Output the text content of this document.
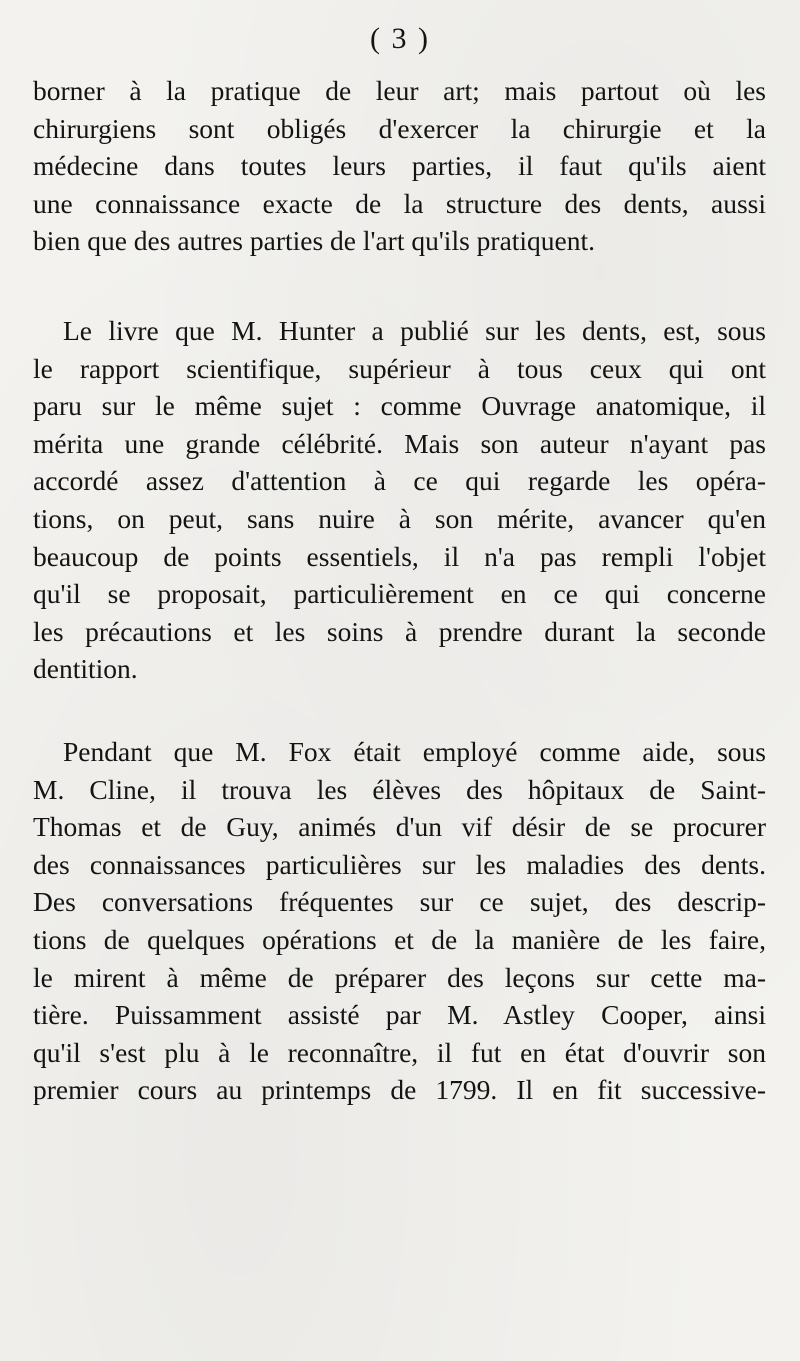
( 3 )
borner à la pratique de leur art; mais partout où les
chirurgiens sont obligés d'exercer la chirurgie et la
médecine dans toutes leurs parties, il faut qu'ils aient
une connaissance exacte de la structure des dents, aussi
bien que des autres parties de l'art qu'ils pratiquent.
Le livre que M. Hunter a publié sur les dents, est, sous
le rapport scientifique, supérieur à tous ceux qui ont
paru sur le même sujet : comme Ouvrage anatomique, il
mérita une grande célébrité. Mais son auteur n'ayant pas
accordé assez d'attention à ce qui regarde les opéra-
tions, on peut, sans nuire à son mérite, avancer qu'en
beaucoup de points essentiels, il n'a pas rempli l'objet
qu'il se proposait, particulièrement en ce qui concerne
les précautions et les soins à prendre durant la seconde
dentition.
Pendant que M. Fox était employé comme aide, sous
M. Cline, il trouva les élèves des hôpitaux de Saint-
Thomas et de Guy, animés d'un vif désir de se procurer
des connaissances particulières sur les maladies des dents.
Des conversations fréquentes sur ce sujet, des descrip-
tions de quelques opérations et de la manière de les faire,
le mirent à même de préparer des leçons sur cette ma-
tière. Puissamment assisté par M. Astley Cooper, ainsi
qu'il s'est plu à le reconnaître, il fut en état d'ouvrir son
premier cours au printemps de 1799. Il en fit successive-
